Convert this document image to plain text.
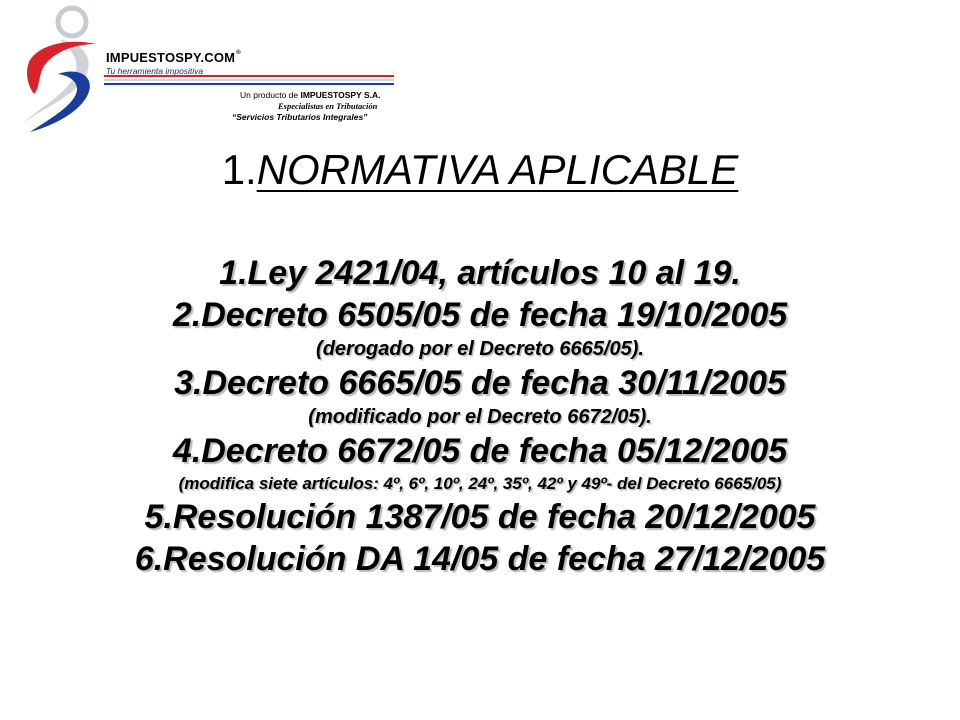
IMPUESTOSPY.COM®
Tu herramienta impositiva
Un producto de IMPUESTOSPY S.A.
Especialistas en Tributación
“Servicios Tributarios Integrales”
1.NORMATIVA APLICABLE
1.Ley 2421/04, artículos 10 al 19.
2.Decreto 6505/05 de fecha 19/10/2005
(derogado por el Decreto 6665/05).
3.Decreto 6665/05 de fecha 30/11/2005
(modificado por el Decreto 6672/05).
4.Decreto 6672/05 de fecha 05/12/2005
(modifica siete artículos: 4º, 6º, 10º, 24º, 35º, 42º y 49º- del Decreto 6665/05)
5.Resolución 1387/05 de fecha 20/12/2005
6.Resolución DA 14/05 de fecha 27/12/2005
